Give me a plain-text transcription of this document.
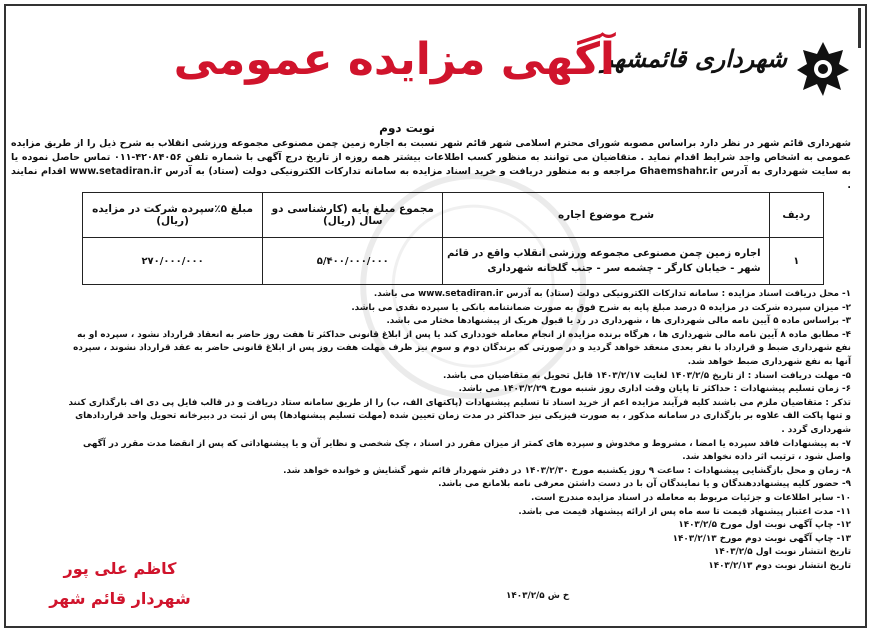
شهرداری قائمشهر
آگهی مزایده عمومی
نوبت دوم
شهرداری قائم شهر در نظر دارد براساس مصوبه شورای محترم اسلامی شهر قائم شهر نسبت به اجاره زمین چمن مصنوعی مجموعه ورزشی انقلاب به شرح ذیل را از طریق مزایده عمومی به اشخاص واجد شرایط اقدام نماید . متقاضیان می توانند به منظور کسب اطلاعات بیشتر همه روزه از تاریخ درج آگهی با شماره تلفن ۴۲۰۸۴۰۵۶-۰۱۱ تماس حاصل نموده یا به سایت شهرداری به آدرس Ghaemshahr.ir مراجعه و به منظور دریافت و خرید اسناد مزایده به سامانه تدارکات الکترونیکی دولت (ستاد) به آدرس www.setadiran.ir اقدام نمایند .
ردیف	شرح موضوع اجاره	مجموع مبلغ پایه (کارشناسی دو سال (ریال)	مبلغ ۵٪سپرده شرکت در مزایده (ریال)
۱	اجاره زمین چمن مصنوعی مجموعه ورزشی انقلاب واقع در قائم شهر - خیابان کارگر - چشمه سر - جنب گلخانه شهرداری	۵/۴۰۰/۰۰۰/۰۰۰	۲۷۰/۰۰۰/۰۰۰
۱- محل دریافت اسناد مزایده : سامانه تدارکات الکترونیکی دولت (ستاد) به آدرس www.setadiran.ir می باشد.
۲- میزان سپرده شرکت در مزایده ۵ درصد مبلغ پایه به شرح فوق به صورت ضمانتنامه بانکی یا سپرده نقدی می باشد.
۳- براساس ماده ۵ آیین نامه مالی شهرداری ها ، شهرداری در رد یا قبول هریک از پیشنهادها مختار می باشد.
۴- مطابق ماده ۸ آیین نامه مالی شهرداری ها ، هرگاه برنده مزایده از انجام معامله خودداری کند یا پس از ابلاغ قانونی حداکثر تا هفت روز حاضر به انعقاد قرارداد نشود ، سپرده او به نفع شهرداری ضبط و قرارداد با نفر بعدی منعقد خواهد گردید و در صورتی که برندگان دوم و سوم نیز ظرف مهلت هفت روز پس از ابلاغ قانونی حاضر به عقد قرارداد نشوند ، سپرده آنها به نفع شهرداری ضبط خواهد شد.
۵- مهلت دریافت اسناد : از تاریخ ۱۴۰۳/۲/۵ لغایت ۱۴۰۳/۲/۱۷ قابل تحویل به متقاضیان می باشد.
۶- زمان تسلیم پیشنهادات : حداکثر تا پایان وقت اداری روز شنبه مورخ ۱۴۰۳/۲/۲۹ می باشد.
تذکر : متقاضیان ملزم می باشند کلیه فرآیند مزایده اعم از خرید اسناد تا تسلیم پیشنهادات (پاکتهای الف، ب) را از طریق سامانه ستاد دریافت و در قالب فایل پی دی اف بارگذاری کنند و تنها پاکت الف علاوه بر بارگذاری در سامانه مذکور ، به صورت فیزیکی نیز حداکثر در مدت زمان تعیین شده (مهلت تسلیم پیشنهادها) پس از ثبت در دبیرخانه تحویل واحد قراردادهای شهرداری گردد .
۷- به پیشنهادات فاقد سپرده یا امضا ، مشروط و مخدوش و سپرده های کمتر از میزان مقرر در اسناد ، چک شخصی و نظایر آن و یا پیشنهاداتی که پس از انقضا مدت مقرر در آگهی واصل شود ، ترتیب اثر داده نخواهد شد.
۸- زمان و محل بازگشایی پیشنهادات : ساعت ۹ روز یکشنبه مورخ ۱۴۰۳/۲/۳۰ در دفتر شهردار قائم شهر گشایش و خوانده خواهد شد.
۹- حضور کلیه پیشنهاددهندگان و یا نمایندگان آن با در دست داشتن معرفی نامه بلامانع می باشد.
۱۰- سایر اطلاعات و جزئیات مربوط به معامله در اسناد مزایده مندرج است.
۱۱- مدت اعتبار پیشنهاد قیمت تا سه ماه پس از ارائه پیشنهاد قیمت می باشد.
۱۲- چاپ آگهی نوبت اول مورخ ۱۴۰۳/۲/۵
۱۳- چاپ آگهی نوبت دوم مورخ ۱۴۰۳/۲/۱۳
تاریخ انتشار نوبت اول ۱۴۰۳/۲/۵
تاریخ انتشار نوبت دوم ۱۴۰۳/۲/۱۳
خ ش ۱۴۰۳/۲/۵
کاظم علی پور
شهردار قائم شهر
